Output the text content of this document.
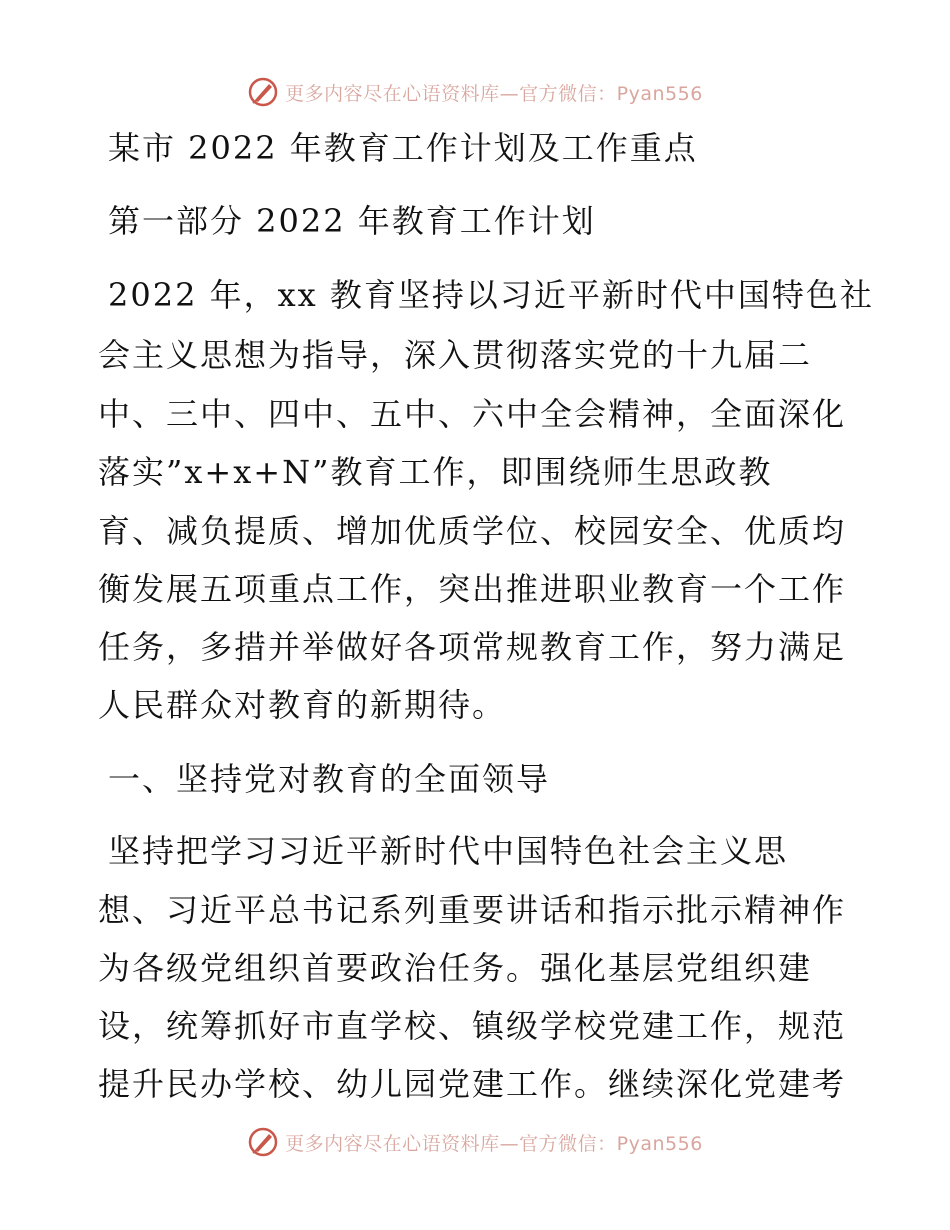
更多内容尽在心语资料库—官方微信：Pyan556
某市 2022 年教育工作计划及工作重点
第一部分 2022 年教育工作计划
2022 年，xx 教育坚持以习近平新时代中国特色社
会主义思想为指导，深入贯彻落实党的十九届二
中、三中、四中、五中、六中全会精神，全面深化
落实”x+x+N”教育工作，即围绕师生思政教
育、减负提质、增加优质学位、校园安全、优质均
衡发展五项重点工作，突出推进职业教育一个工作
任务，多措并举做好各项常规教育工作，努力满足
人民群众对教育的新期待。
一、坚持党对教育的全面领导
坚持把学习习近平新时代中国特色社会主义思
想、习近平总书记系列重要讲话和指示批示精神作
为各级党组织首要政治任务。强化基层党组织建
设，统筹抓好市直学校、镇级学校党建工作，规范
提升民办学校、幼儿园党建工作。继续深化党建考
更多内容尽在心语资料库—官方微信：Pyan556
